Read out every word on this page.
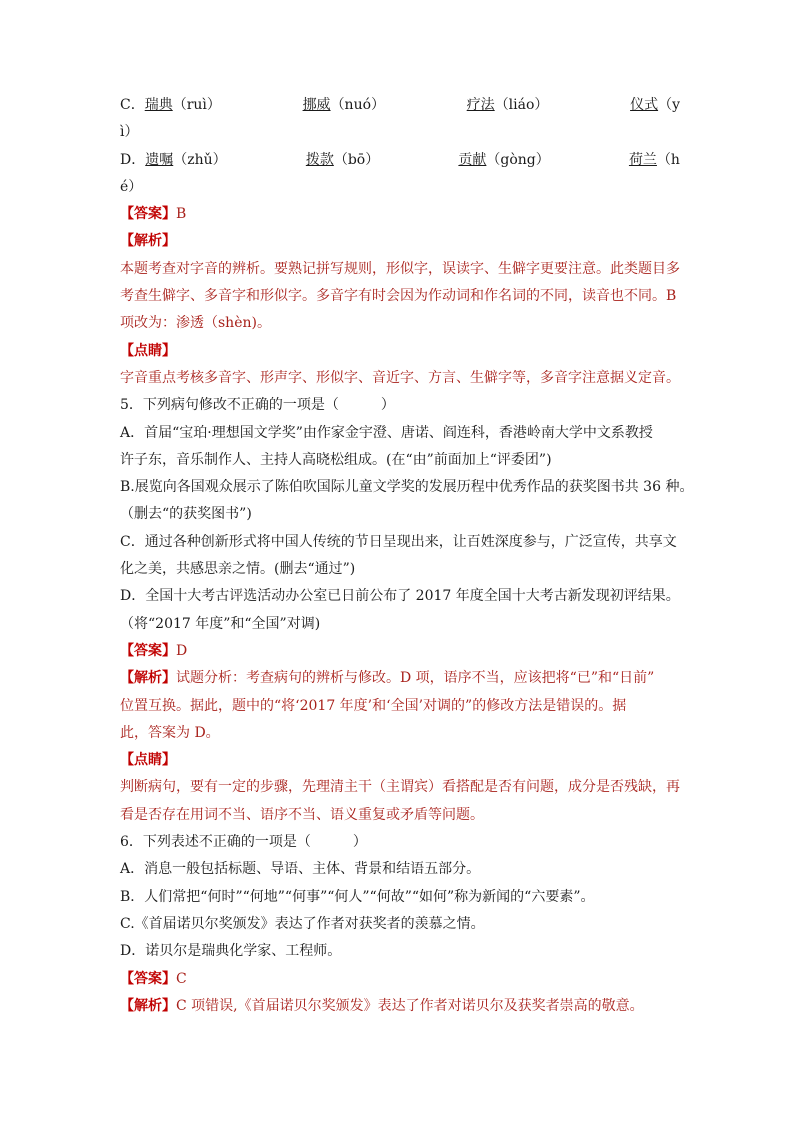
C．瑞典（ruì）	挪威（nuó）	疗法（liáo）	仪式（y
ì）
D．遗嘱（zhǔ）	拨款（bō）	贡献（gòng）	荷兰（h
é）
【答案】B
【解析】
本题考查对字音的辨析。要熟记拼写规则，形似字，误读字、生僻字更要注意。此类题目多
考查生僻字、多音字和形似字。多音字有时会因为作动词和作名词的不同，读音也不同。B
项改为：渗透（shèn)。
【点睛】
字音重点考核多音字、形声字、形似字、音近字、方言、生僻字等，多音字注意据义定音。
5．下列病句修改不正确的一项是（　　　）
A．首届“宝珀·理想国文学奖”由作家金宇澄、唐诺、阎连科，香港岭南大学中文系教授
许子东，音乐制作人、主持人高晓松组成。(在“由”前面加上“评委团”)
B.展览向各国观众展示了陈伯吹国际儿童文学奖的发展历程中优秀作品的获奖图书共 36 种。
（删去“的获奖图书”)
C．通过各种创新形式将中国人传统的节日呈现出来，让百姓深度参与，广泛宣传，共享文
化之美，共感思亲之情。(删去“通过”)
D．全国十大考古评选活动办公室已日前公布了 2017 年度全国十大考古新发现初评结果。
（将“2017 年度”和“全国”对调)
【答案】D
【解析】试题分析：考查病句的辨析与修改。D 项，语序不当，应该把将“已”和“日前”
位置互换。据此，题中的“将‘2017 年度’和‘全国’对调的”的修改方法是错误的。据
此，答案为 D。
【点睛】
判断病句，要有一定的步骤，先理清主干（主谓宾）看搭配是否有问题，成分是否残缺，再
看是否存在用词不当、语序不当、语义重复或矛盾等问题。
6．下列表述不正确的一项是（　　　）
A．消息一般包括标题、导语、主体、背景和结语五部分。
B．人们常把“何时”“何地”“何事”“何人”“何故”“如何”称为新闻的“六要素”。
C.《首届诺贝尔奖颁发》表达了作者对获奖者的羡慕之情。
D．诺贝尔是瑞典化学家、工程师。
【答案】C
【解析】C 项错误,《首届诺贝尔奖颁发》表达了作者对诺贝尔及获奖者崇高的敬意。
